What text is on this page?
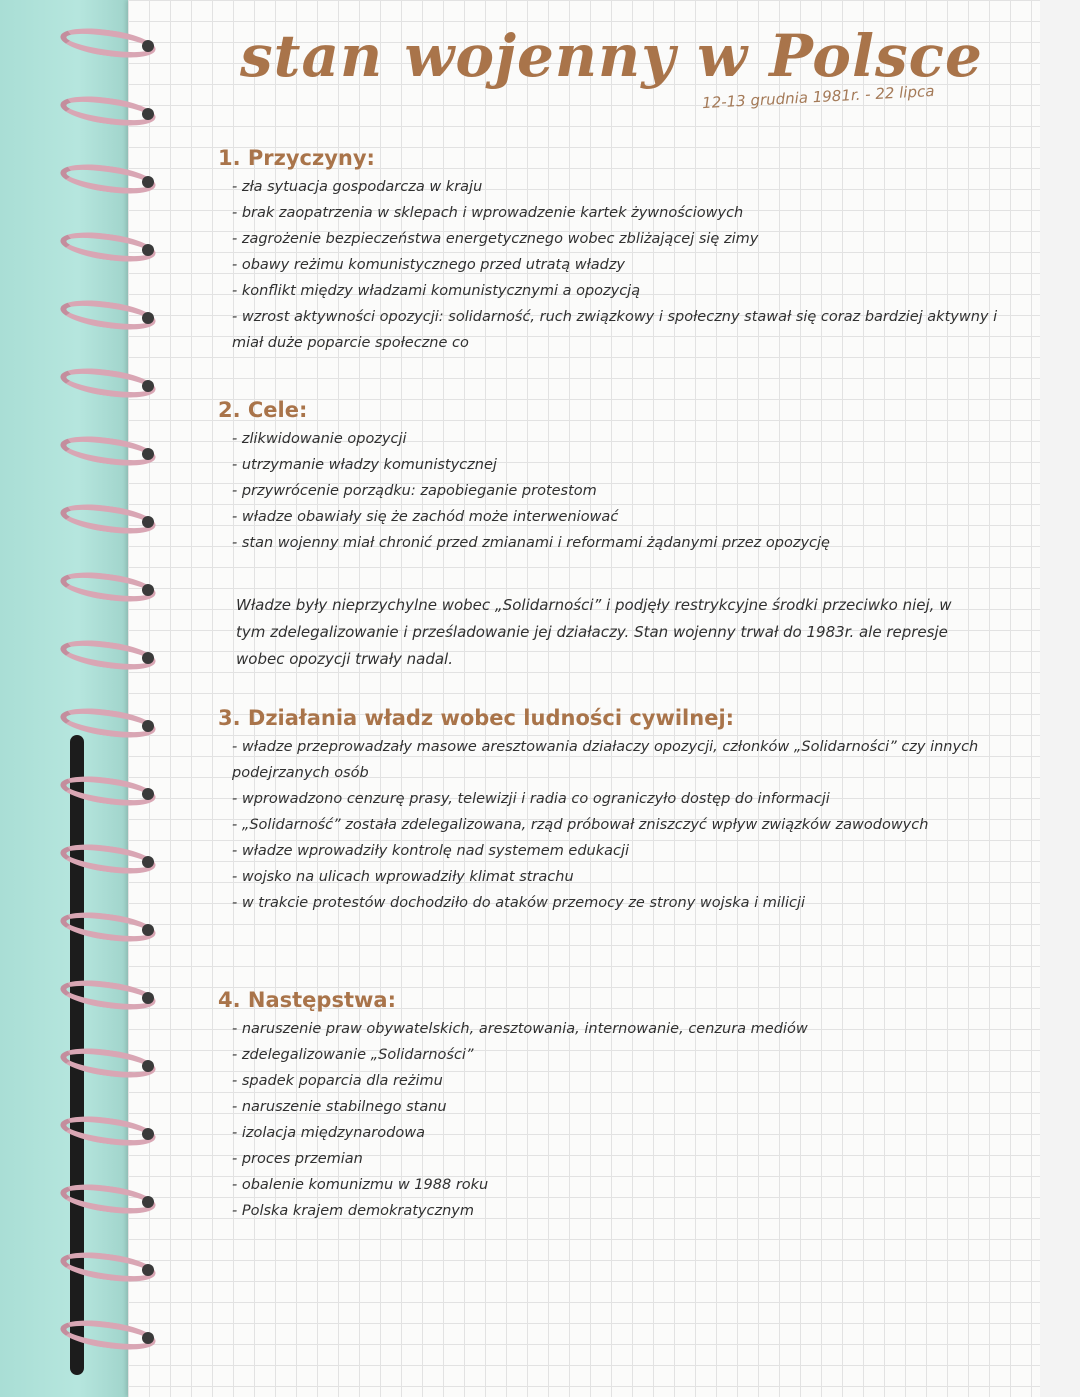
stan wojenny w Polsce
12-13 grudnia 1981r. - 22 lipca
1. Przyczyny:
- zła sytuacja gospodarcza w kraju
- brak zaopatrzenia w sklepach i wprowadzenie kartek żywnościowych
- zagrożenie bezpieczeństwa energetycznego wobec zbliżającej się zimy
- obawy reżimu komunistycznego przed utratą władzy
- konflikt między władzami komunistycznymi a opozycją
- wzrost aktywności opozycji: solidarność, ruch związkowy i społeczny stawał się coraz bardziej aktywny i miał duże poparcie społeczne co
2. Cele:
- zlikwidowanie opozycji
- utrzymanie władzy komunistycznej
- przywrócenie porządku: zapobieganie protestom
- władze obawiały się że zachód może interweniować
- stan wojenny miał chronić przed zmianami i reformami żądanymi przez opozycję

Władze były nieprzychylne wobec „Solidarności” i podjęły restrykcyjne środki przeciwko niej, w tym zdelegalizowanie i prześladowanie jej działaczy. Stan wojenny trwał do 1983r. ale represje wobec opozycji trwały nadal.

3. Działania władz wobec ludności cywilnej:
- władze przeprowadzały masowe aresztowania działaczy opozycji, członków „Solidarności” czy innych podejrzanych osób
- wprowadzono cenzurę prasy, telewizji i radia co ograniczyło dostęp do informacji
- „Solidarność” została zdelegalizowana, rząd próbował zniszczyć wpływ związków zawodowych
- władze wprowadziły kontrolę nad systemem edukacji
- wojsko na ulicach wprowadziły klimat strachu
- w trakcie protestów dochodziło do ataków przemocy ze strony wojska i milicji
4. Następstwa:
- naruszenie praw obywatelskich, aresztowania, internowanie, cenzura mediów
- zdelegalizowanie „Solidarności”
- spadek poparcia dla reżimu
- naruszenie stabilnego stanu
- izolacja międzynarodowa
- proces przemian
- obalenie komunizmu w 1988 roku
- Polska krajem demokratycznym
